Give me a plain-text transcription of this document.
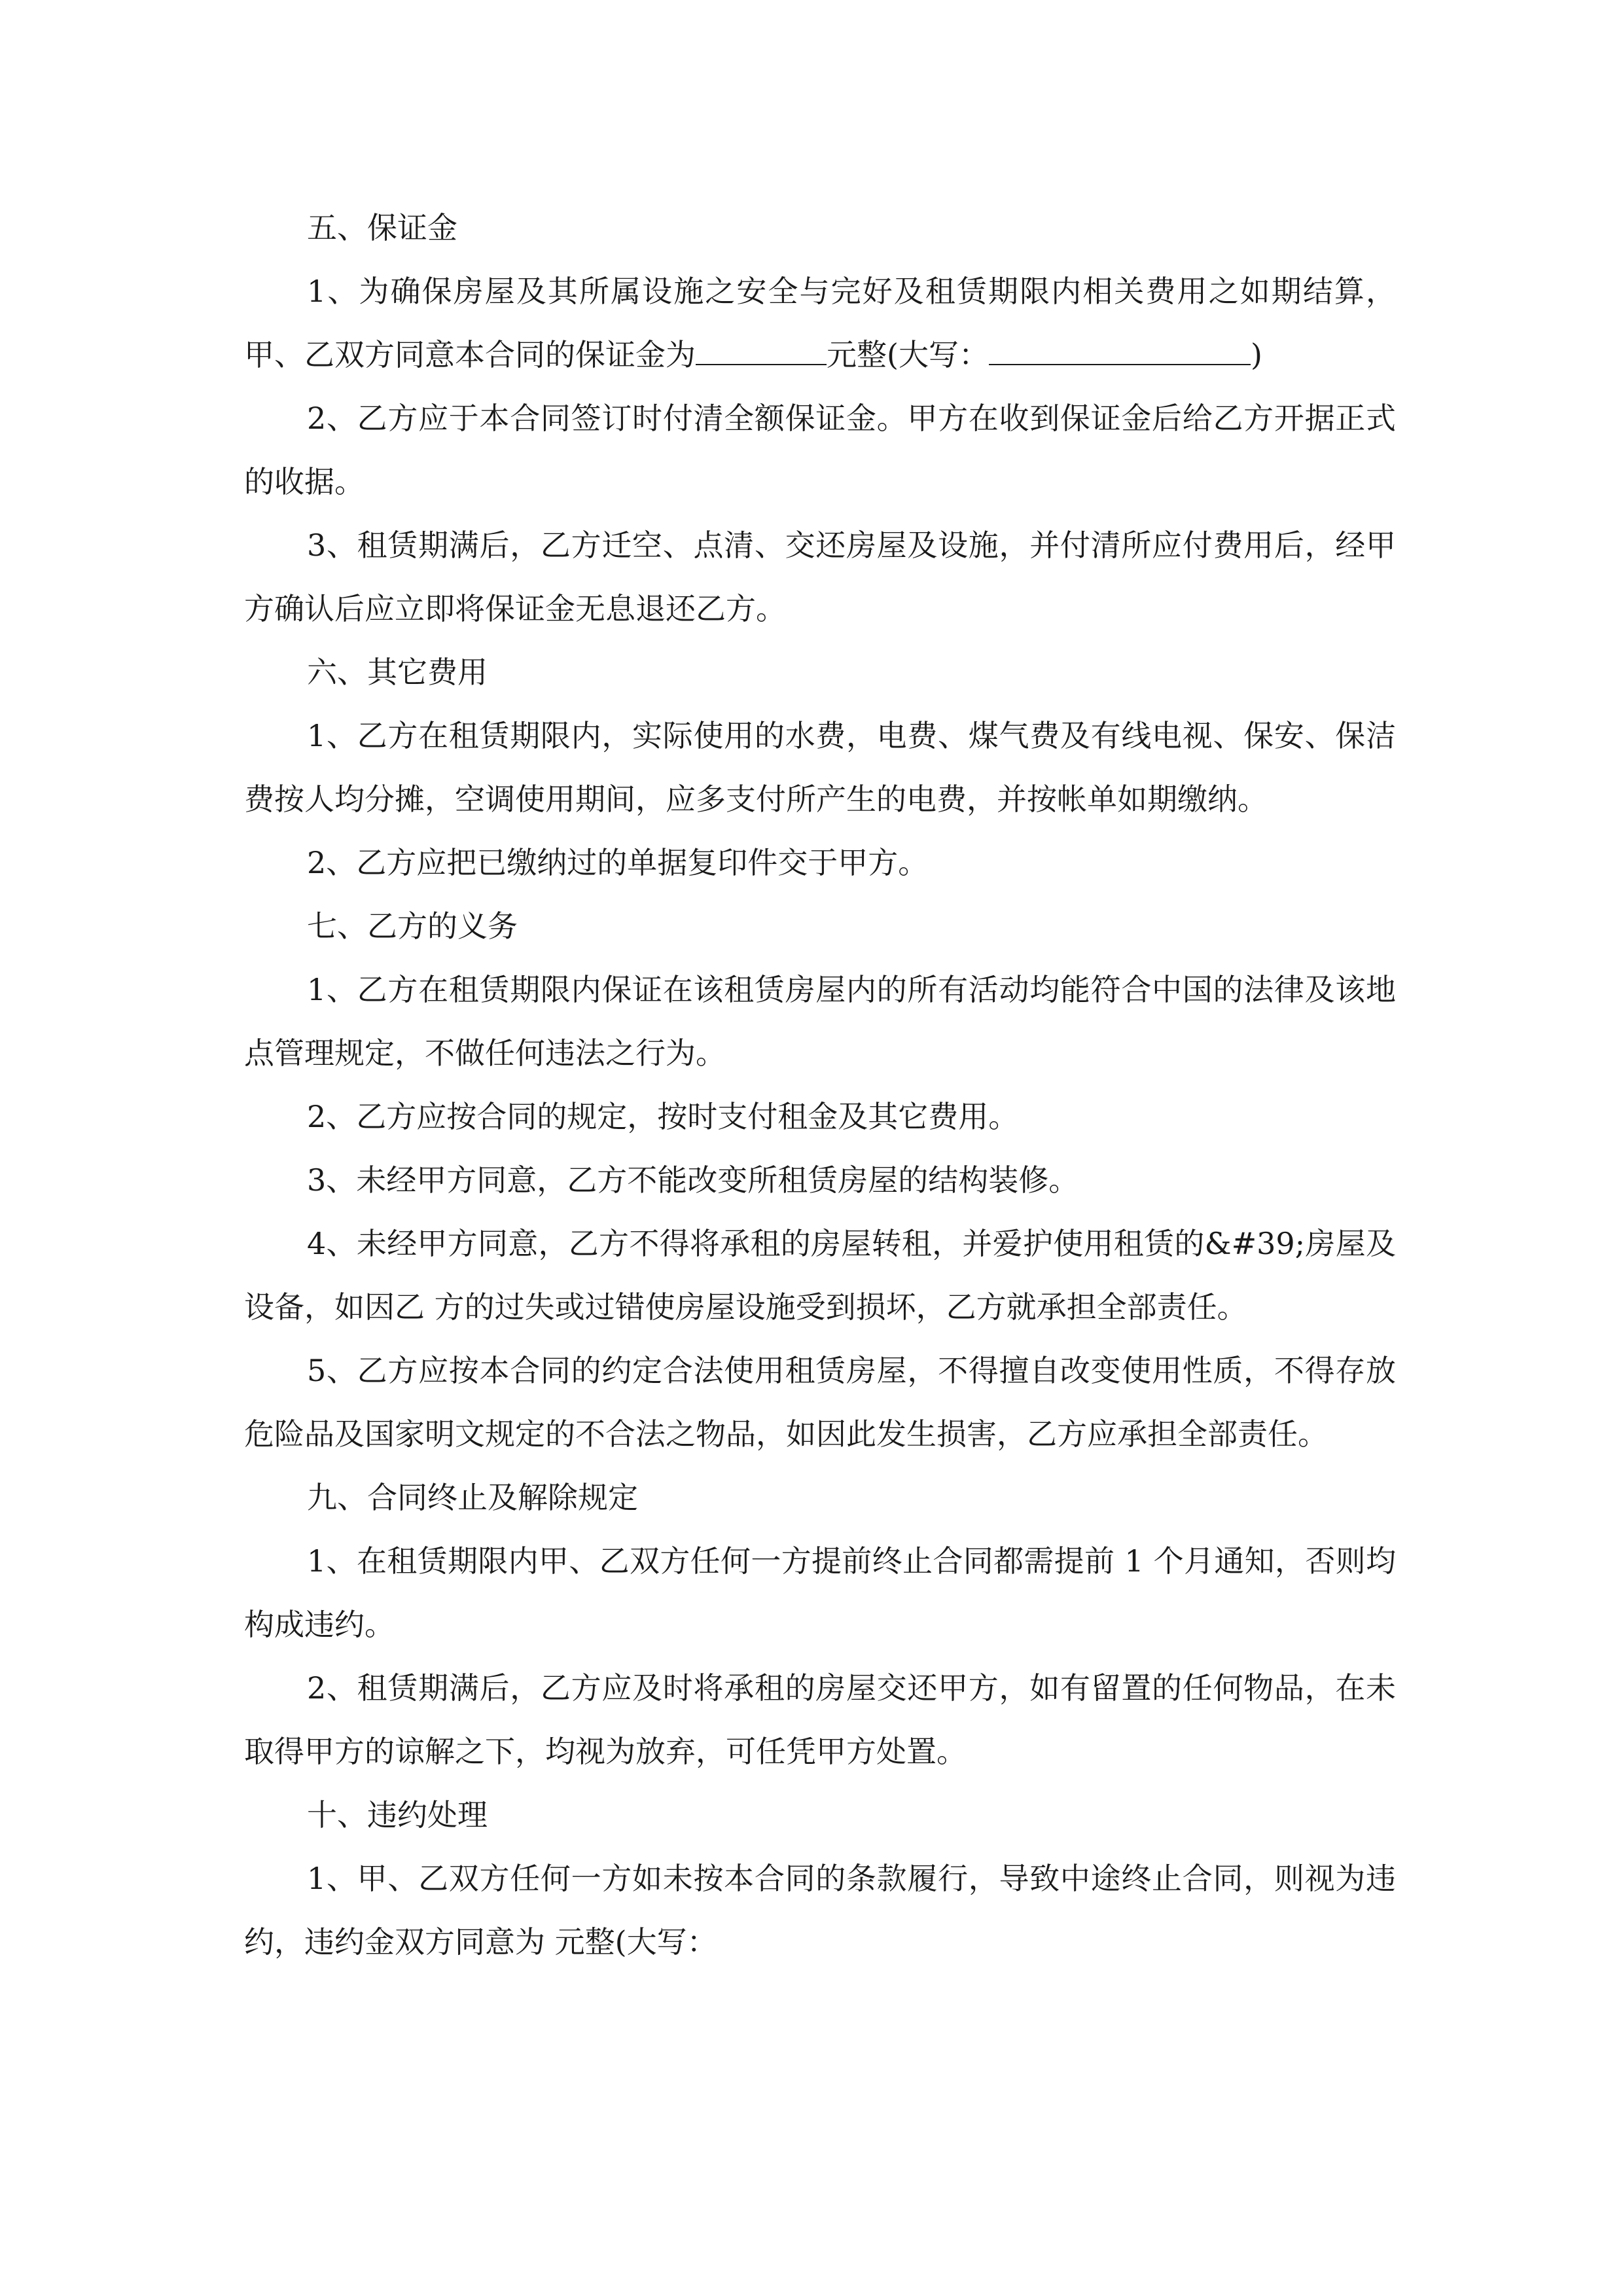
五、保证金

1、为确保房屋及其所属设施之安全与完好及租赁期限内相关费用之如期结算，甲、乙双方同意本合同的保证金为	元整(大写：	)

2、乙方应于本合同签订时付清全额保证金。甲方在收到保证金后给乙方开据正式的收据。

3、租赁期满后，乙方迁空、点清、交还房屋及设施，并付清所应付费用后，经甲方确认后应立即将保证金无息退还乙方。

六、其它费用

1、乙方在租赁期限内，实际使用的水费，电费、煤气费及有线电视、保安、保洁费按人均分摊，空调使用期间，应多支付所产生的电费，并按帐单如期缴纳。

2、乙方应把已缴纳过的单据复印件交于甲方。

七、乙方的义务

1、乙方在租赁期限内保证在该租赁房屋内的所有活动均能符合中国的法律及该地点管理规定，不做任何违法之行为。

2、乙方应按合同的规定，按时支付租金及其它费用。

3、未经甲方同意，乙方不能改变所租赁房屋的结构装修。

4、未经甲方同意，乙方不得将承租的房屋转租，并爱护使用租赁的&#39;房屋及设备，如因乙 方的过失或过错使房屋设施受到损坏，乙方就承担全部责任。

5、乙方应按本合同的约定合法使用租赁房屋，不得擅自改变使用性质，不得存放危险品及国家明文规定的不合法之物品，如因此发生损害，乙方应承担全部责任。

九、合同终止及解除规定

1、在租赁期限内甲、乙双方任何一方提前终止合同都需提前 1 个月通知，否则均构成违约。

2、租赁期满后，乙方应及时将承租的房屋交还甲方，如有留置的任何物品，在未取得甲方的谅解之下，均视为放弃，可任凭甲方处置。

十、违约处理

1、甲、乙双方任何一方如未按本合同的条款履行，导致中途终止合同，则视为违约，违约金双方同意为 元整(大写：
